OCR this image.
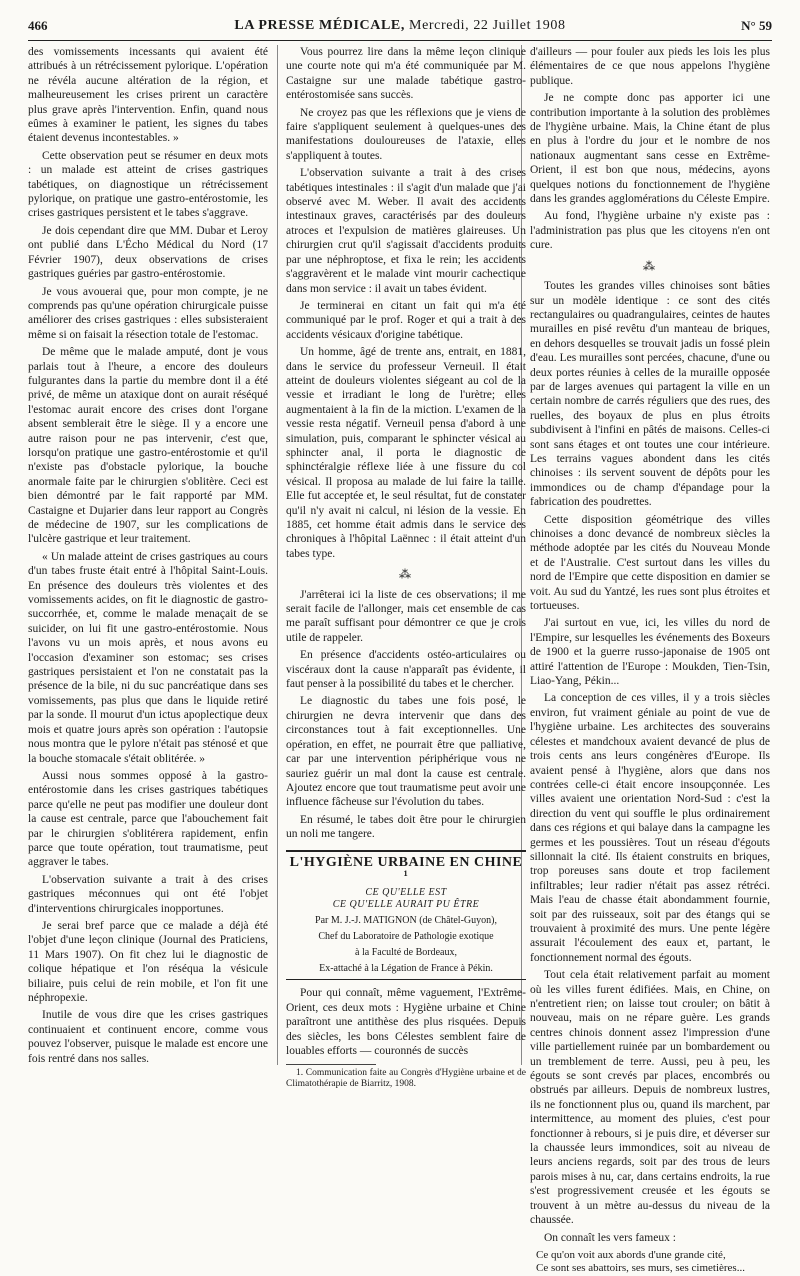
466	LA PRESSE MÉDICALE, Mercredi, 22 Juillet 1908	N° 59

des vomissements incessants qui avaient été attribués à un rétrécissement pylorique. L'opération ne révéla aucune altération de la région, et malheureusement les crises prirent un caractère plus grave après l'intervention. Enfin, quand nous eûmes à examiner le patient, les signes du tabes étaient devenus incontestables. »

Cette observation peut se résumer en deux mots : un malade est atteint de crises gastriques tabétiques, on diagnostique un rétrécissement pylorique, on pratique une gastro-entérostomie, les crises gastriques persistent et le tabes s'aggrave.

Je dois cependant dire que MM. Dubar et Leroy ont publié dans L'Écho Médical du Nord (17 Février 1907), deux observations de crises gastriques guéries par gastro-entérostomie.

Je vous avouerai que, pour mon compte, je ne comprends pas qu'une opération chirurgicale puisse améliorer des crises gastriques : elles subsisteraient même si on faisait la résection totale de l'estomac.

De même que le malade amputé, dont je vous parlais tout à l'heure, a encore des douleurs fulgurantes dans la partie du membre dont il a été privé, de même un ataxique dont on aurait réséqué l'estomac aurait encore des crises dont l'organe absent semblerait être le siège. Il y a encore une autre raison pour ne pas intervenir, c'est que, lorsqu'on pratique une gastro-entérostomie et qu'il n'existe pas d'obstacle pylorique, la bouche anormale faite par le chirurgien s'oblitère. Ceci est bien démontré par le fait rapporté par MM. Castaigne et Dujarier dans leur rapport au Congrès de médecine de 1907, sur les complications de l'ulcère gastrique et leur traitement.

« Un malade atteint de crises gastriques au cours d'un tabes fruste était entré à l'hôpital Saint-Louis. En présence des douleurs très violentes et des vomissements acides, on fit le diagnostic de gastro-succorrhée, et, comme le malade menaçait de se suicider, on lui fit une gastro-entérostomie. Nous l'avons vu un mois après, et nous avons eu l'occasion d'examiner son estomac; ses crises gastriques persistaient et l'on ne constatait pas la présence de la bile, ni du suc pancréatique dans ses vomissements, pas plus que dans le liquide retiré par la sonde. Il mourut d'un ictus apoplectique deux mois et quatre jours après son opération : l'autopsie nous montra que le pylore n'était pas sténosé et que la bouche stomacale s'était oblitérée. »

Aussi nous sommes opposé à la gastro-entérostomie dans les crises gastriques tabétiques parce qu'elle ne peut pas modifier une douleur dont la cause est centrale, parce que l'abouchement fait par le chirurgien s'oblitérera rapidement, enfin parce que toute opération, tout traumatisme, peut aggraver le tabes.

L'observation suivante a trait à des crises gastriques méconnues qui ont été l'objet d'interventions chirurgicales inopportunes.

Je serai bref parce que ce malade a déjà été l'objet d'une leçon clinique (Journal des Praticiens, 11 Mars 1907). On fit chez lui le diagnostic de colique hépatique et l'on réséqua la vésicule biliaire, puis celui de rein mobile, et l'on fit une néphropexie.

Inutile de vous dire que les crises gastriques continuaient et continuent encore, comme vous pouvez l'observer, puisque le malade est encore une fois rentré dans nos salles.

Vous pourrez lire dans la même leçon clinique une courte note qui m'a été communiquée par M. Castaigne sur une malade tabétique gastro-entérostomisée sans succès.

Ne croyez pas que les réflexions que je viens de faire s'appliquent seulement à quelques-unes des manifestations douloureuses de l'ataxie, elles s'appliquent à toutes.

L'observation suivante a trait à des crises tabétiques intestinales : il s'agit d'un malade que j'ai observé avec M. Weber. Il avait des accidents intestinaux graves, caractérisés par des douleurs atroces et l'expulsion de matières glaireuses. Un chirurgien crut qu'il s'agissait d'accidents produits par une néphroptose, et fixa le rein; les accidents s'aggravèrent et le malade vint mourir cachectique dans mon service : il avait un tabes évident.

Je terminerai en citant un fait qui m'a été communiqué par le prof. Roger et qui a trait à des accidents vésicaux d'origine tabétique.

Un homme, âgé de trente ans, entrait, en 1881, dans le service du professeur Verneuil. Il était atteint de douleurs violentes siégeant au col de la vessie et irradiant le long de l'urètre; elles augmentaient à la fin de la miction. L'examen de la vessie resta négatif. Verneuil pensa d'abord à une simulation, puis, comparant le sphincter vésical au sphincter anal, il porta le diagnostic de sphinctéralgie réflexe liée à une fissure du col vésical. Il proposa au malade de lui faire la taille. Elle fut acceptée et, le seul résultat, fut de constater qu'il n'y avait ni calcul, ni lésion de la vessie. En 1885, cet homme était admis dans le service des chroniques à l'hôpital Laënnec : il était atteint d'un tabes type.

⁂

J'arrêterai ici la liste de ces observations; il me serait facile de l'allonger, mais cet ensemble de cas me paraît suffisant pour démontrer ce que je crois utile de rappeler.

En présence d'accidents ostéo-articulaires ou viscéraux dont la cause n'apparaît pas évidente, il faut penser à la possibilité du tabes et le chercher.

Le diagnostic du tabes une fois posé, le chirurgien ne devra intervenir que dans des circonstances tout à fait exceptionnelles. Une opération, en effet, ne pourrait être que palliative, car par une intervention périphérique vous ne sauriez guérir un mal dont la cause est centrale. Ajoutez encore que tout traumatisme peut avoir une influence fâcheuse sur l'évolution du tabes.

En résumé, le tabes doit être pour le chirurgien un noli me tangere.

L'HYGIÈNE URBAINE EN CHINE ¹
CE QU'ELLE EST
CE QU'ELLE AURAIT PU ÊTRE
Par M. J.-J. MATIGNON (de Châtel-Guyon),
Chef du Laboratoire de Pathologie exotique
à la Faculté de Bordeaux,
Ex-attaché à la Légation de France à Pékin.

Pour qui connaît, même vaguement, l'Extrême-Orient, ces deux mots : Hygiène urbaine et Chine paraîtront une antithèse des plus risquées. Depuis des siècles, les bons Célestes semblent faire de louables efforts — couronnés de succès

1. Communication faite au Congrès d'Hygiène urbaine et de Climatothérapie de Biarritz, 1908.

d'ailleurs — pour fouler aux pieds les lois les plus élémentaires de ce que nous appelons l'hygiène publique.

Je ne compte donc pas apporter ici une contribution importante à la solution des problèmes de l'hygiène urbaine. Mais, la Chine étant de plus en plus à l'ordre du jour et le nombre de nos nationaux augmentant sans cesse en Extrême-Orient, il est bon que nous, médecins, ayons quelques notions du fonctionnement de l'hygiène dans les grandes agglomérations du Céleste Empire.

Au fond, l'hygiène urbaine n'y existe pas : l'administration pas plus que les citoyens n'en ont cure.

⁂

Toutes les grandes villes chinoises sont bâties sur un modèle identique : ce sont des cités rectangulaires ou quadrangulaires, ceintes de hautes murailles en pisé revêtu d'un manteau de briques, en dehors desquelles se trouvait jadis un fossé plein d'eau. Les murailles sont percées, chacune, d'une ou deux portes réunies à celles de la muraille opposée par de larges avenues qui partagent la ville en un certain nombre de carrés réguliers que des rues, des ruelles, des boyaux de plus en plus étroits subdivisent à l'infini en pâtés de maisons. Celles-ci sont sans étages et ont toutes une cour intérieure. Les terrains vagues abondent dans les cités chinoises : ils servent souvent de dépôts pour les immondices ou de champ d'épandage pour la fabrication des poudrettes.

Cette disposition géométrique des villes chinoises a donc devancé de nombreux siècles la méthode adoptée par les cités du Nouveau Monde et de l'Australie. C'est surtout dans les villes du nord de l'Empire que cette disposition en damier se voit. Au sud du Yantzé, les rues sont plus étroites et tortueuses.

J'ai surtout en vue, ici, les villes du nord de l'Empire, sur lesquelles les événements des Boxeurs de 1900 et la guerre russo-japonaise de 1905 ont attiré l'attention de l'Europe : Moukden, Tien-Tsin, Liao-Yang, Pékin...

La conception de ces villes, il y a trois siècles environ, fut vraiment géniale au point de vue de l'hygiène urbaine. Les architectes des souverains célestes et mandchoux avaient devancé de plus de trois cents ans leurs congénères d'Europe. Ils avaient pensé à l'hygiène, alors que dans nos contrées celle-ci était encore insoupçonnée. Les villes avaient une orientation Nord-Sud : c'est la direction du vent qui souffle le plus ordinairement dans ces régions et qui balaye dans la campagne les germes et les poussières. Tout un réseau d'égouts sillonnait la cité. Ils étaient construits en briques, trop poreuses sans doute et trop facilement infiltrables; leur radier n'était pas assez rétréci. Mais l'eau de chasse était abondamment fournie, soit par des ruisseaux, soit par des étangs qui se trouvaient à proximité des murs. Une pente légère assurait l'écoulement des eaux et, partant, le fonctionnement normal des égouts.

Tout cela était relativement parfait au moment où les villes furent édifiées. Mais, en Chine, on n'entretient rien; on laisse tout crouler; on bâtit à nouveau, mais on ne répare guère. Les grands centres chinois donnent assez l'impression d'une ville partiellement ruinée par un bombardement ou un tremblement de terre. Aussi, peu à peu, les égouts se sont crevés par places, encombrés ou obstrués par ailleurs. Depuis de nombreux lustres, ils ne fonctionnent plus ou, quand ils marchent, par intermittence, au moment des pluies, c'est pour fonctionner à rebours, si je puis dire, et déverser sur la chaussée leurs immondices, soit au niveau de leurs anciens regards, soit par des trous de leurs parois mises à nu, car, dans certains endroits, la rue s'est progressivement creusée et les égouts se trouvent à un mètre au-dessus du niveau de la chaussée.

On connaît les vers fameux :

Ce qu'on voit aux abords d'une grande cité,
Ce sont ses abattoirs, ses murs, ses cimetières...
